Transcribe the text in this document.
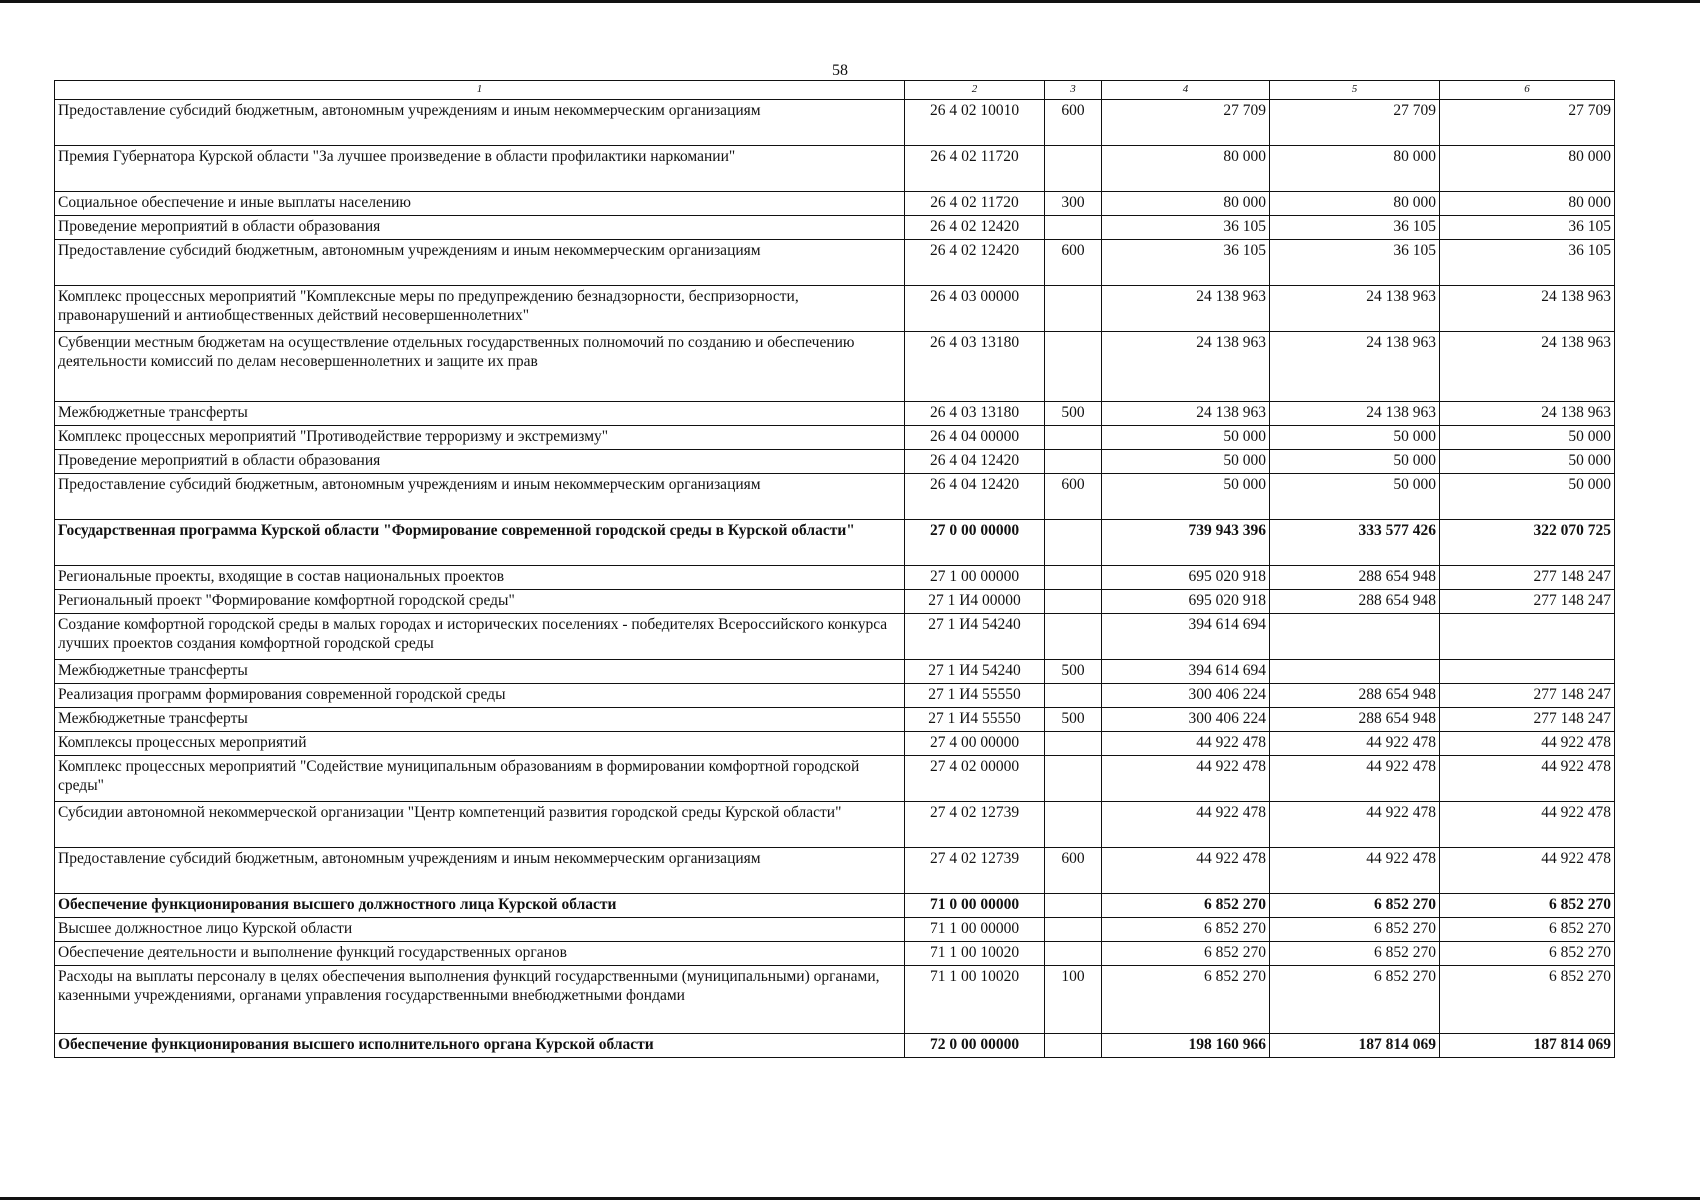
58
1	2	3	4	5	6
Предоставление субсидий бюджетным, автономным учреждениям и иным некоммерческим организациям	26 4 02 10010	600	27 709	27 709	27 709
Премия Губернатора Курской области "За лучшее произведение в области профилактики наркомании"	26 4 02 11720		80 000	80 000	80 000
Социальное обеспечение и иные выплаты населению	26 4 02 11720	300	80 000	80 000	80 000
Проведение мероприятий в области образования	26 4 02 12420		36 105	36 105	36 105
Предоставление субсидий бюджетным, автономным учреждениям и иным некоммерческим организациям	26 4 02 12420	600	36 105	36 105	36 105
Комплекс процессных мероприятий "Комплексные меры по предупреждению безнадзорности, беспризорности, правонарушений и антиобщественных действий несовершеннолетних"	26 4 03 00000		24 138 963	24 138 963	24 138 963
Субвенции местным бюджетам на осуществление отдельных государственных полномочий по созданию и обеспечению деятельности комиссий по делам несовершеннолетних и защите их прав	26 4 03 13180		24 138 963	24 138 963	24 138 963
Межбюджетные трансферты	26 4 03 13180	500	24 138 963	24 138 963	24 138 963
Комплекс процессных мероприятий "Противодействие терроризму и экстремизму"	26 4 04 00000		50 000	50 000	50 000
Проведение мероприятий в области образования	26 4 04 12420		50 000	50 000	50 000
Предоставление субсидий бюджетным, автономным учреждениям и иным некоммерческим организациям	26 4 04 12420	600	50 000	50 000	50 000
Государственная программа Курской области "Формирование современной городской среды в Курской области"	27 0 00 00000		739 943 396	333 577 426	322 070 725
Региональные проекты, входящие в состав национальных проектов	27 1 00 00000		695 020 918	288 654 948	277 148 247
Региональный проект "Формирование комфортной городской среды"	27 1 И4 00000		695 020 918	288 654 948	277 148 247
Создание комфортной городской среды в малых городах и исторических поселениях - победителях Всероссийского конкурса лучших проектов создания комфортной городской среды	27 1 И4 54240		394 614 694		
Межбюджетные трансферты	27 1 И4 54240	500	394 614 694		
Реализация программ формирования современной городской среды	27 1 И4 55550		300 406 224	288 654 948	277 148 247
Межбюджетные трансферты	27 1 И4 55550	500	300 406 224	288 654 948	277 148 247
Комплексы процессных мероприятий	27 4 00 00000		44 922 478	44 922 478	44 922 478
Комплекс процессных мероприятий "Содействие муниципальным образованиям в формировании комфортной городской среды"	27 4 02 00000		44 922 478	44 922 478	44 922 478
Субсидии автономной некоммерческой организации "Центр компетенций развития городской среды Курской области"	27 4 02 12739		44 922 478	44 922 478	44 922 478
Предоставление субсидий бюджетным, автономным учреждениям и иным некоммерческим организациям	27 4 02 12739	600	44 922 478	44 922 478	44 922 478
Обеспечение функционирования высшего должностного лица Курской области	71 0 00 00000		6 852 270	6 852 270	6 852 270
Высшее должностное лицо Курской области	71 1 00 00000		6 852 270	6 852 270	6 852 270
Обеспечение деятельности и выполнение функций государственных органов	71 1 00 10020		6 852 270	6 852 270	6 852 270
Расходы на выплаты персоналу в целях обеспечения выполнения функций государственными (муниципальными) органами, казенными учреждениями, органами управления государственными внебюджетными фондами	71 1 00 10020	100	6 852 270	6 852 270	6 852 270
Обеспечение функционирования высшего исполнительного органа Курской области	72 0 00 00000		198 160 966	187 814 069	187 814 069
